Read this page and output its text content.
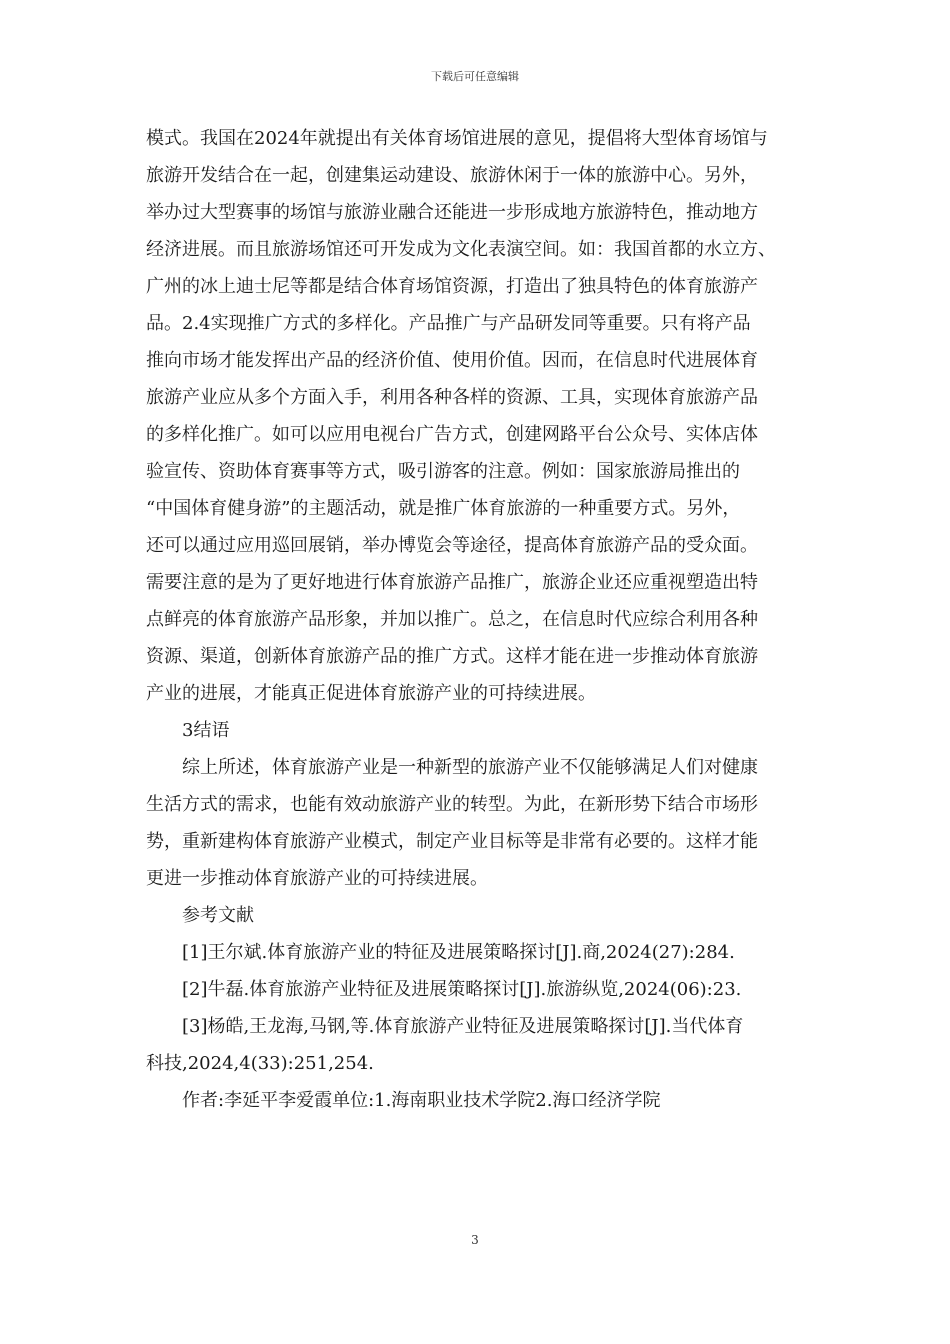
下载后可任意编辑
模式。我国在2024年就提出有关体育场馆进展的意见，提倡将大型体育场馆与
旅游开发结合在一起，创建集运动建设、旅游休闲于一体的旅游中心。另外，
举办过大型赛事的场馆与旅游业融合还能进一步形成地方旅游特色，推动地方
经济进展。而且旅游场馆还可开发成为文化表演空间。如：我国首都的水立方、
广州的冰上迪士尼等都是结合体育场馆资源，打造出了独具特色的体育旅游产
品。2.4实现推广方式的多样化。产品推广与产品研发同等重要。只有将产品
推向市场才能发挥出产品的经济价值、使用价值。因而，在信息时代进展体育
旅游产业应从多个方面入手，利用各种各样的资源、工具，实现体育旅游产品
的多样化推广。如可以应用电视台广告方式，创建网路平台公众号、实体店体
验宣传、资助体育赛事等方式，吸引游客的注意。例如：国家旅游局推出的
“中国体育健身游”的主题活动，就是推广体育旅游的一种重要方式。另外，
还可以通过应用巡回展销，举办博览会等途径，提高体育旅游产品的受众面。
需要注意的是为了更好地进行体育旅游产品推广，旅游企业还应重视塑造出特
点鲜亮的体育旅游产品形象，并加以推广。总之，在信息时代应综合利用各种
资源、渠道，创新体育旅游产品的推广方式。这样才能在进一步推动体育旅游
产业的进展，才能真正促进体育旅游产业的可持续进展。
3结语
综上所述，体育旅游产业是一种新型的旅游产业不仅能够满足人们对健康
生活方式的需求，也能有效动旅游产业的转型。为此，在新形势下结合市场形
势，重新建构体育旅游产业模式，制定产业目标等是非常有必要的。这样才能
更进一步推动体育旅游产业的可持续进展。
参考文献
[1]王尔斌.体育旅游产业的特征及进展策略探讨[J].商,2024(27):284.
[2]牛磊.体育旅游产业特征及进展策略探讨[J].旅游纵览,2024(06):23.
[3]杨皓,王龙海,马钢,等.体育旅游产业特征及进展策略探讨[J].当代体育
科技,2024,4(33):251,254.
作者:李延平李爱霞单位:1.海南职业技术学院2.海口经济学院
3
